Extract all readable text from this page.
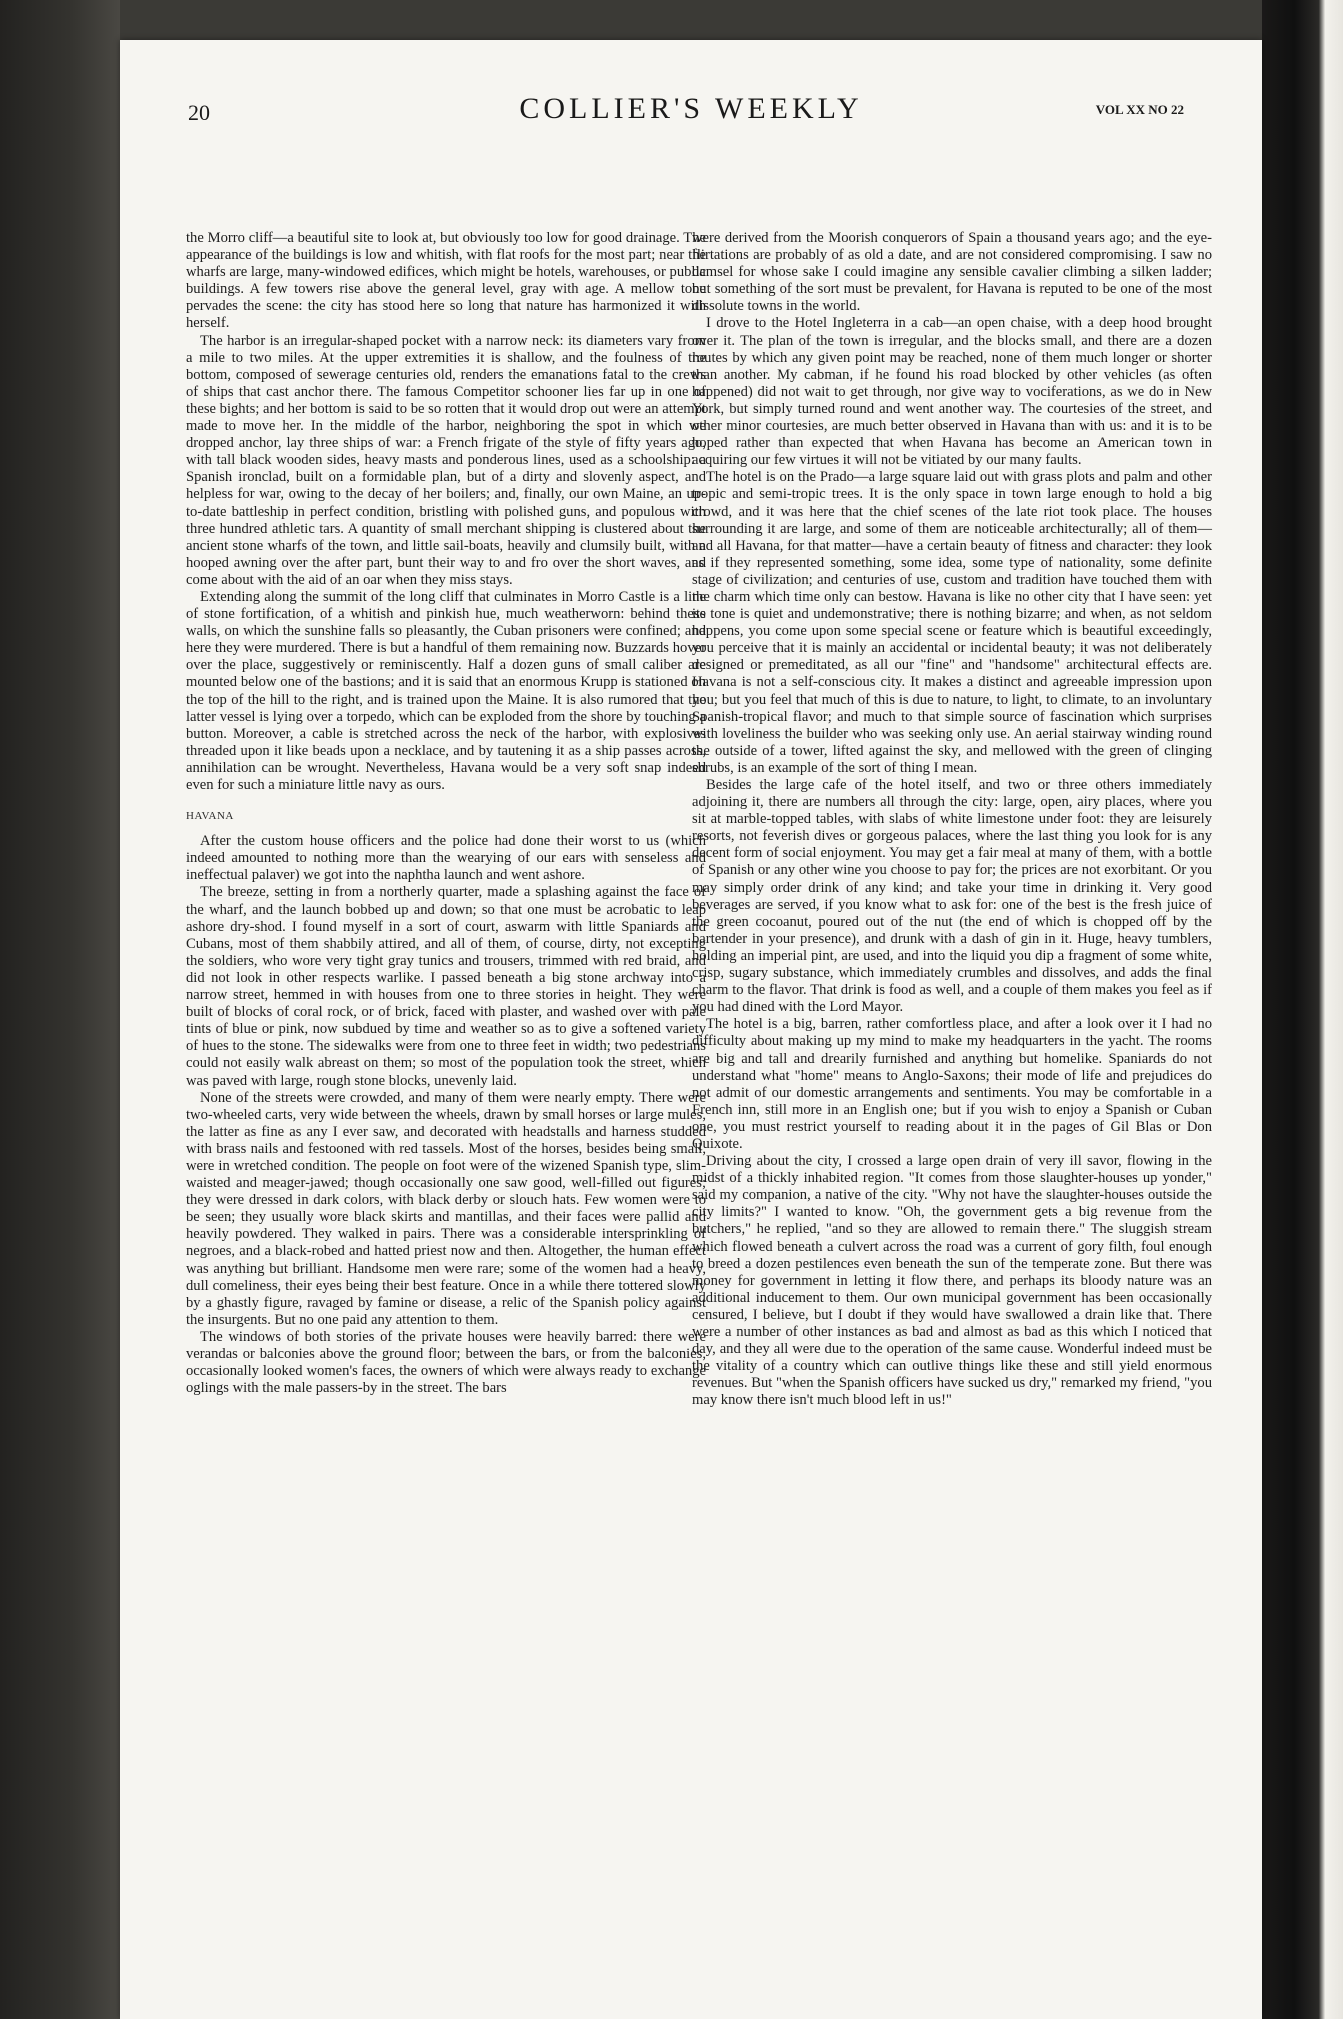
20	COLLIER'S WEEKLY	VOL XX NO 22

the Morro cliff—a beautiful site to look at, but obviously too low for good drainage. The appearance of the buildings is low and whitish, with flat roofs for the most part; near the wharfs are large, many-windowed edifices, which might be hotels, warehouses, or public buildings. A few towers rise above the general level, gray with age. A mellow tone pervades the scene: the city has stood here so long that nature has harmonized it with herself.

The harbor is an irregular-shaped pocket with a narrow neck: its diameters vary from a mile to two miles. At the upper extremities it is shallow, and the foulness of the bottom, composed of sewerage centuries old, renders the emanations fatal to the crews of ships that cast anchor there. The famous Competitor schooner lies far up in one of these bights; and her bottom is said to be so rotten that it would drop out were an attempt made to move her. In the middle of the harbor, neighboring the spot in which we dropped anchor, lay three ships of war: a French frigate of the style of fifty years ago, with tall black wooden sides, heavy masts and ponderous lines, used as a schoolship: a Spanish ironclad, built on a formidable plan, but of a dirty and slovenly aspect, and helpless for war, owing to the decay of her boilers; and, finally, our own Maine, an up-to-date battleship in perfect condition, bristling with polished guns, and populous with three hundred athletic tars. A quantity of small merchant shipping is clustered about the ancient stone wharfs of the town, and little sail-boats, heavily and clumsily built, with a hooped awning over the after part, bunt their way to and fro over the short waves, and come about with the aid of an oar when they miss stays.

Extending along the summit of the long cliff that culminates in Morro Castle is a line of stone fortification, of a whitish and pinkish hue, much weatherworn: behind these walls, on which the sunshine falls so pleasantly, the Cuban prisoners were confined; and here they were murdered. There is but a handful of them remaining now. Buzzards hover over the place, suggestively or reminiscently. Half a dozen guns of small caliber are mounted below one of the bastions; and it is said that an enormous Krupp is stationed on the top of the hill to the right, and is trained upon the Maine. It is also rumored that the latter vessel is lying over a torpedo, which can be exploded from the shore by touching a button. Moreover, a cable is stretched across the neck of the harbor, with explosives threaded upon it like beads upon a necklace, and by tautening it as a ship passes across, annihilation can be wrought. Nevertheless, Havana would be a very soft snap indeed even for such a miniature little navy as ours.

HAVANA

After the custom house officers and the police had done their worst to us (which indeed amounted to nothing more than the wearying of our ears with senseless and ineffectual palaver) we got into the naphtha launch and went ashore.

The breeze, setting in from a northerly quarter, made a splashing against the face of the wharf, and the launch bobbed up and down; so that one must be acrobatic to leap ashore dry-shod. I found myself in a sort of court, aswarm with little Spaniards and Cubans, most of them shabbily attired, and all of them, of course, dirty, not excepting the soldiers, who wore very tight gray tunics and trousers, trimmed with red braid, and did not look in other respects warlike. I passed beneath a big stone archway into a narrow street, hemmed in with houses from one to three stories in height. They were built of blocks of coral rock, or of brick, faced with plaster, and washed over with pale tints of blue or pink, now subdued by time and weather so as to give a softened variety of hues to the stone. The sidewalks were from one to three feet in width; two pedestrians could not easily walk abreast on them; so most of the population took the street, which was paved with large, rough stone blocks, unevenly laid.

None of the streets were crowded, and many of them were nearly empty. There were two-wheeled carts, very wide between the wheels, drawn by small horses or large mules, the latter as fine as any I ever saw, and decorated with headstalls and harness studded with brass nails and festooned with red tassels. Most of the horses, besides being small, were in wretched condition. The people on foot were of the wizened Spanish type, slim-waisted and meager-jawed; though occasionally one saw good, well-filled out figures; they were dressed in dark colors, with black derby or slouch hats. Few women were to be seen; they usually wore black skirts and mantillas, and their faces were pallid and heavily powdered. They walked in pairs. There was a considerable intersprinkling of negroes, and a black-robed and hatted priest now and then. Altogether, the human effect was anything but brilliant. Handsome men were rare; some of the women had a heavy, dull comeliness, their eyes being their best feature. Once in a while there tottered slowly by a ghastly figure, ravaged by famine or disease, a relic of the Spanish policy against the insurgents. But no one paid any attention to them.

The windows of both stories of the private houses were heavily barred: there were verandas or balconies above the ground floor; between the bars, or from the balconies, occasionally looked women's faces, the owners of which were always ready to exchange oglings with the male passers-by in the street. The bars

were derived from the Moorish conquerors of Spain a thousand years ago; and the eye-flirtations are probably of as old a date, and are not considered compromising. I saw no damsel for whose sake I could imagine any sensible cavalier climbing a silken ladder; but something of the sort must be prevalent, for Havana is reputed to be one of the most dissolute towns in the world.

I drove to the Hotel Ingleterra in a cab—an open chaise, with a deep hood brought over it. The plan of the town is irregular, and the blocks small, and there are a dozen routes by which any given point may be reached, none of them much longer or shorter than another. My cabman, if he found his road blocked by other vehicles (as often happened) did not wait to get through, nor give way to vociferations, as we do in New York, but simply turned round and went another way. The courtesies of the street, and other minor courtesies, are much better observed in Havana than with us: and it is to be hoped rather than expected that when Havana has become an American town in acquiring our few virtues it will not be vitiated by our many faults.

The hotel is on the Prado—a large square laid out with grass plots and palm and other tropic and semi-tropic trees. It is the only space in town large enough to hold a big crowd, and it was here that the chief scenes of the late riot took place. The houses surrounding it are large, and some of them are noticeable architecturally; all of them—and all Havana, for that matter—have a certain beauty of fitness and character: they look as if they represented something, some idea, some type of nationality, some definite stage of civilization; and centuries of use, custom and tradition have touched them with the charm which time only can bestow. Havana is like no other city that I have seen: yet its tone is quiet and undemonstrative; there is nothing bizarre; and when, as not seldom happens, you come upon some special scene or feature which is beautiful exceedingly, you perceive that it is mainly an accidental or incidental beauty; it was not deliberately designed or premeditated, as all our "fine" and "handsome" architectural effects are. Havana is not a self-conscious city. It makes a distinct and agreeable impression upon you; but you feel that much of this is due to nature, to light, to climate, to an involuntary Spanish-tropical flavor; and much to that simple source of fascination which surprises with loveliness the builder who was seeking only use. An aerial stairway winding round the outside of a tower, lifted against the sky, and mellowed with the green of clinging shrubs, is an example of the sort of thing I mean.

Besides the large cafe of the hotel itself, and two or three others immediately adjoining it, there are numbers all through the city: large, open, airy places, where you sit at marble-topped tables, with slabs of white limestone under foot: they are leisurely resorts, not feverish dives or gorgeous palaces, where the last thing you look for is any decent form of social enjoyment. You may get a fair meal at many of them, with a bottle of Spanish or any other wine you choose to pay for; the prices are not exorbitant. Or you may simply order drink of any kind; and take your time in drinking it. Very good beverages are served, if you know what to ask for: one of the best is the fresh juice of the green cocoanut, poured out of the nut (the end of which is chopped off by the bartender in your presence), and drunk with a dash of gin in it. Huge, heavy tumblers, holding an imperial pint, are used, and into the liquid you dip a fragment of some white, crisp, sugary substance, which immediately crumbles and dissolves, and adds the final charm to the flavor. That drink is food as well, and a couple of them makes you feel as if you had dined with the Lord Mayor.

The hotel is a big, barren, rather comfortless place, and after a look over it I had no difficulty about making up my mind to make my headquarters in the yacht. The rooms are big and tall and drearily furnished and anything but homelike. Spaniards do not understand what "home" means to Anglo-Saxons; their mode of life and prejudices do not admit of our domestic arrangements and sentiments. You may be comfortable in a French inn, still more in an English one; but if you wish to enjoy a Spanish or Cuban one, you must restrict yourself to reading about it in the pages of Gil Blas or Don Quixote.

Driving about the city, I crossed a large open drain of very ill savor, flowing in the midst of a thickly inhabited region. "It comes from those slaughter-houses up yonder," said my companion, a native of the city. "Why not have the slaughter-houses outside the city limits?" I wanted to know. "Oh, the government gets a big revenue from the butchers," he replied, "and so they are allowed to remain there." The sluggish stream which flowed beneath a culvert across the road was a current of gory filth, foul enough to breed a dozen pestilences even beneath the sun of the temperate zone. But there was money for government in letting it flow there, and perhaps its bloody nature was an additional inducement to them. Our own municipal government has been occasionally censured, I believe, but I doubt if they would have swallowed a drain like that. There were a number of other instances as bad and almost as bad as this which I noticed that day, and they all were due to the operation of the same cause. Wonderful indeed must be the vitality of a country which can outlive things like these and still yield enormous revenues. But "when the Spanish officers have sucked us dry," remarked my friend, "you may know there isn't much blood left in us!"
